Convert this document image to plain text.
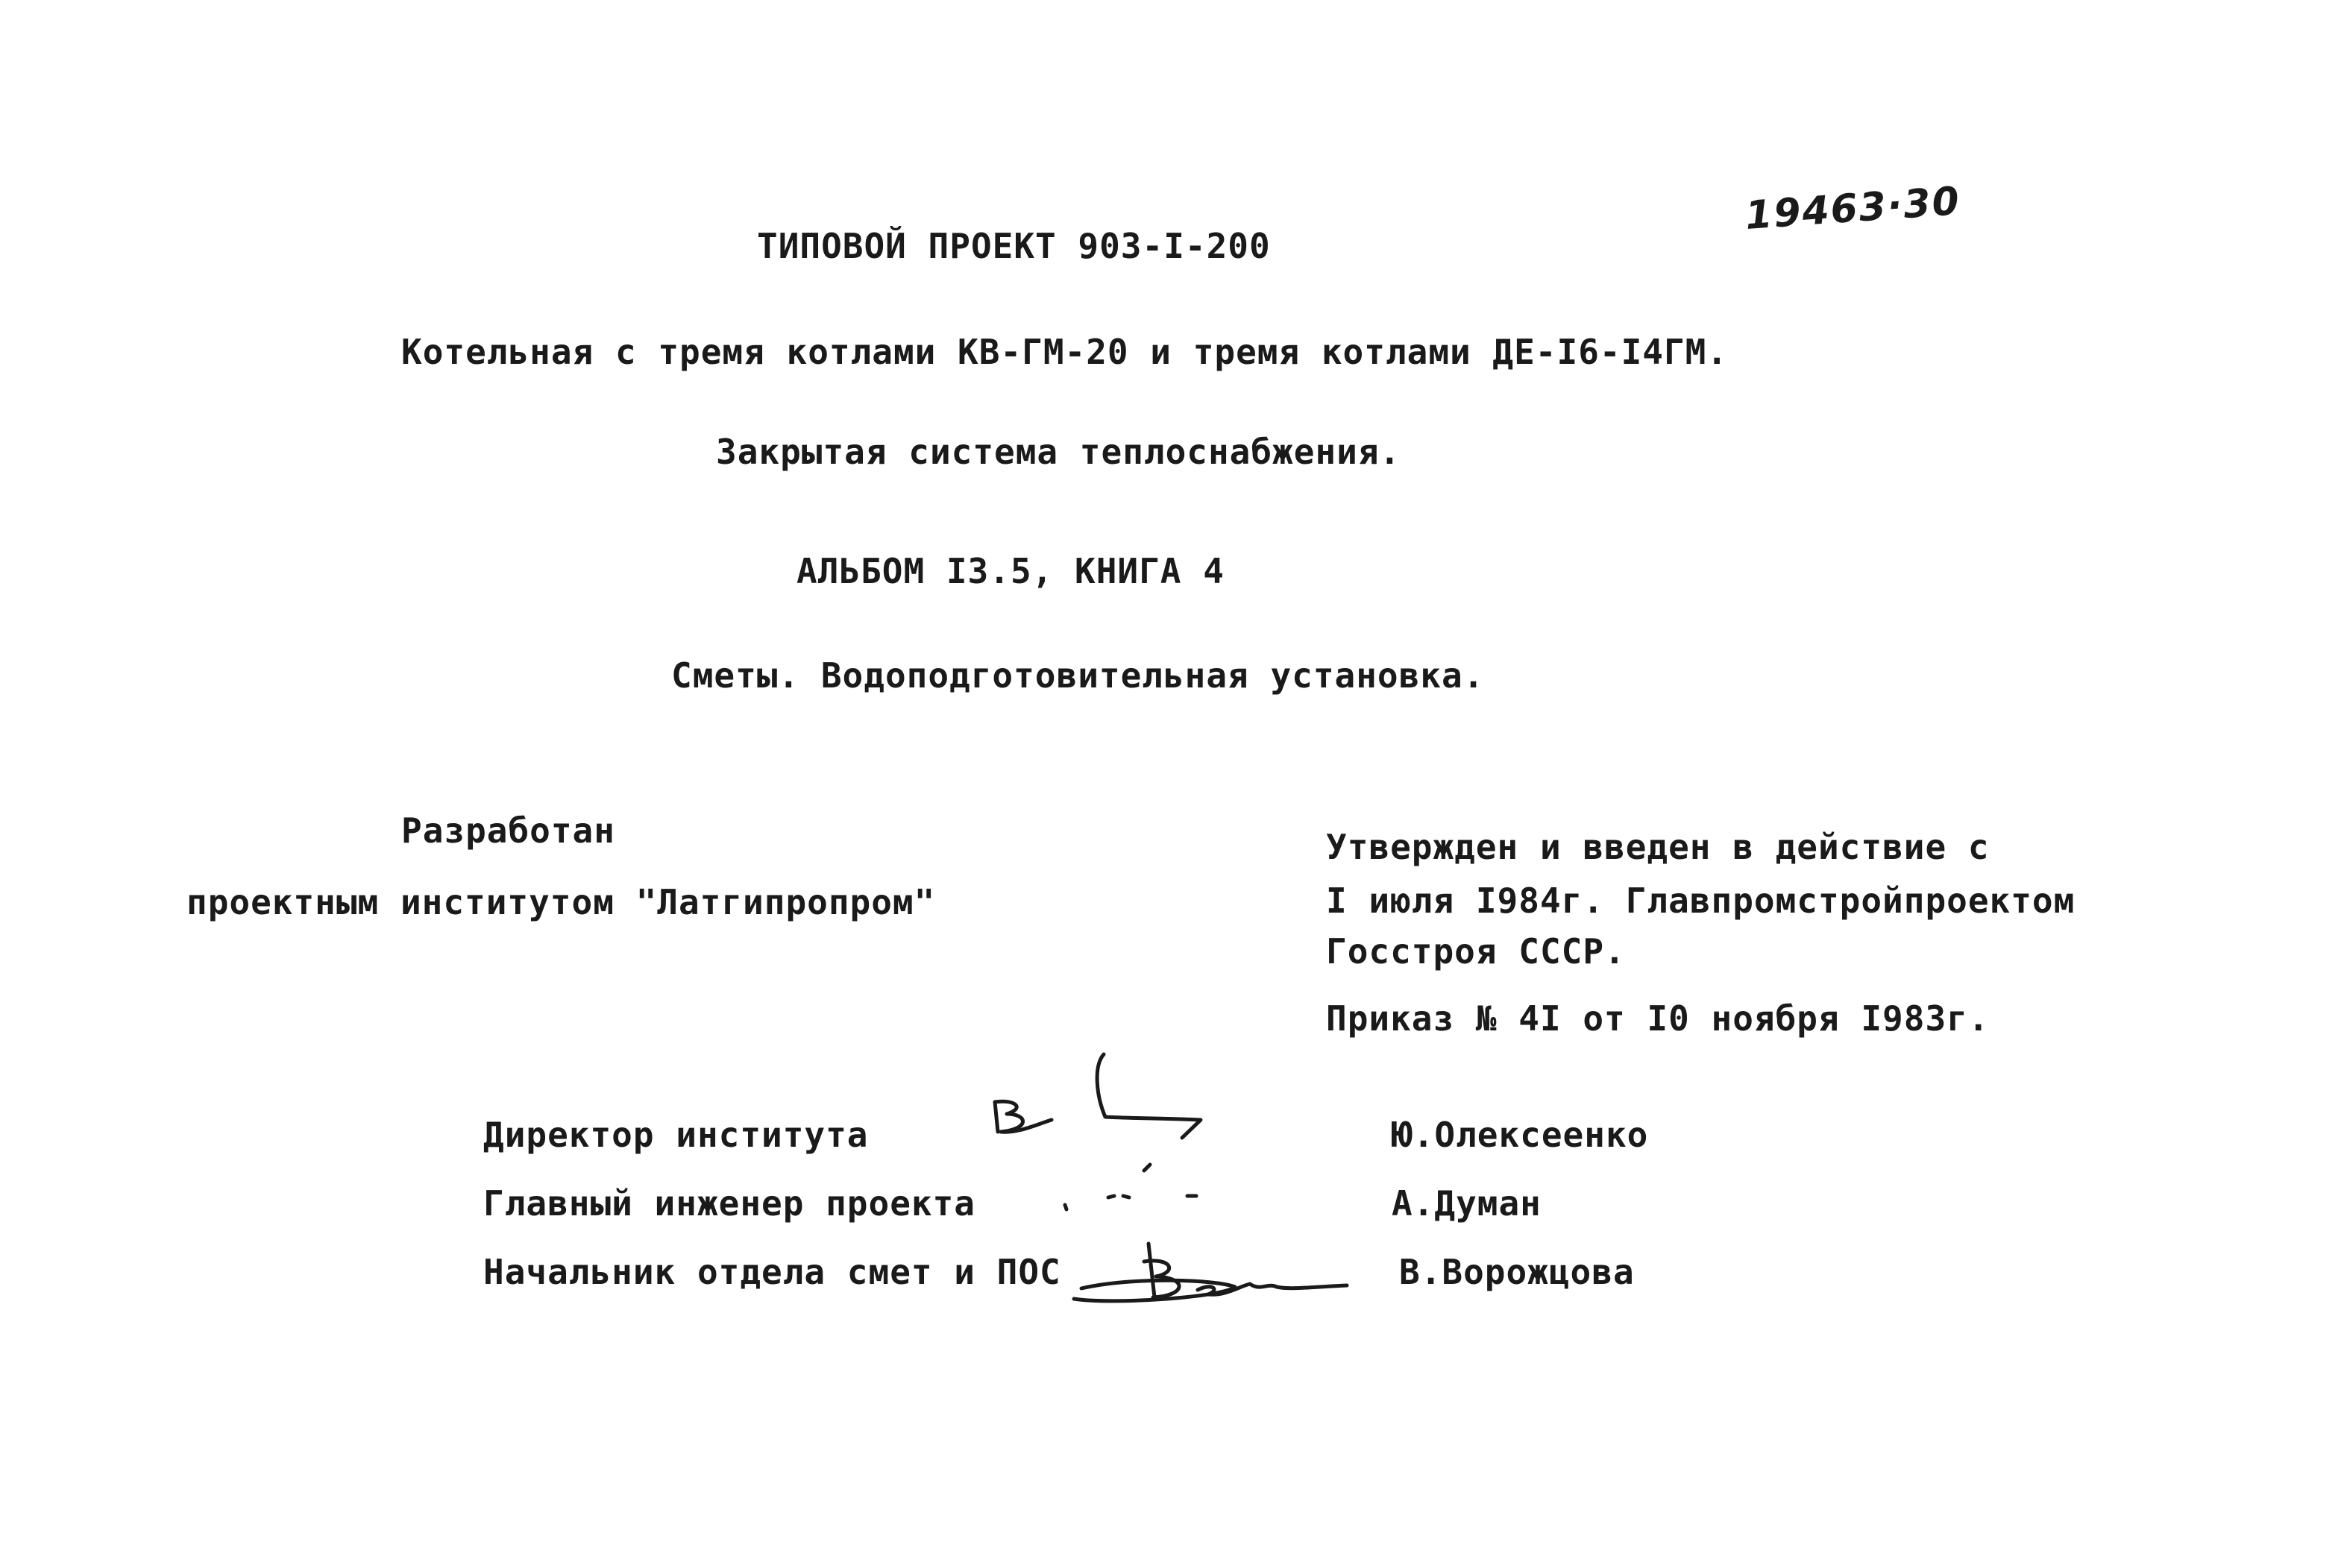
19463·30
ТИПОВОЙ ПРОЕКТ 903-I-200
Котельная с тремя котлами КВ-ГМ-20 и тремя котлами ДЕ-I6-I4ГМ.
Закрытая система теплоснабжения.
АЛЬБОМ I3.5, КНИГА 4
Сметы. Водоподготовительная установка.
Разработан
проектным институтом "Латгипропром"
Утвержден и введен в действие с
I июля I984г. Главпромстройпроектом
Госстроя СССР.
Приказ № 4I от I0 ноября I983г.
Директор института	Ю.Олексеенко
Главный инженер проекта	А.Думан
Начальник отдела смет и ПОС	В.Ворожцова
